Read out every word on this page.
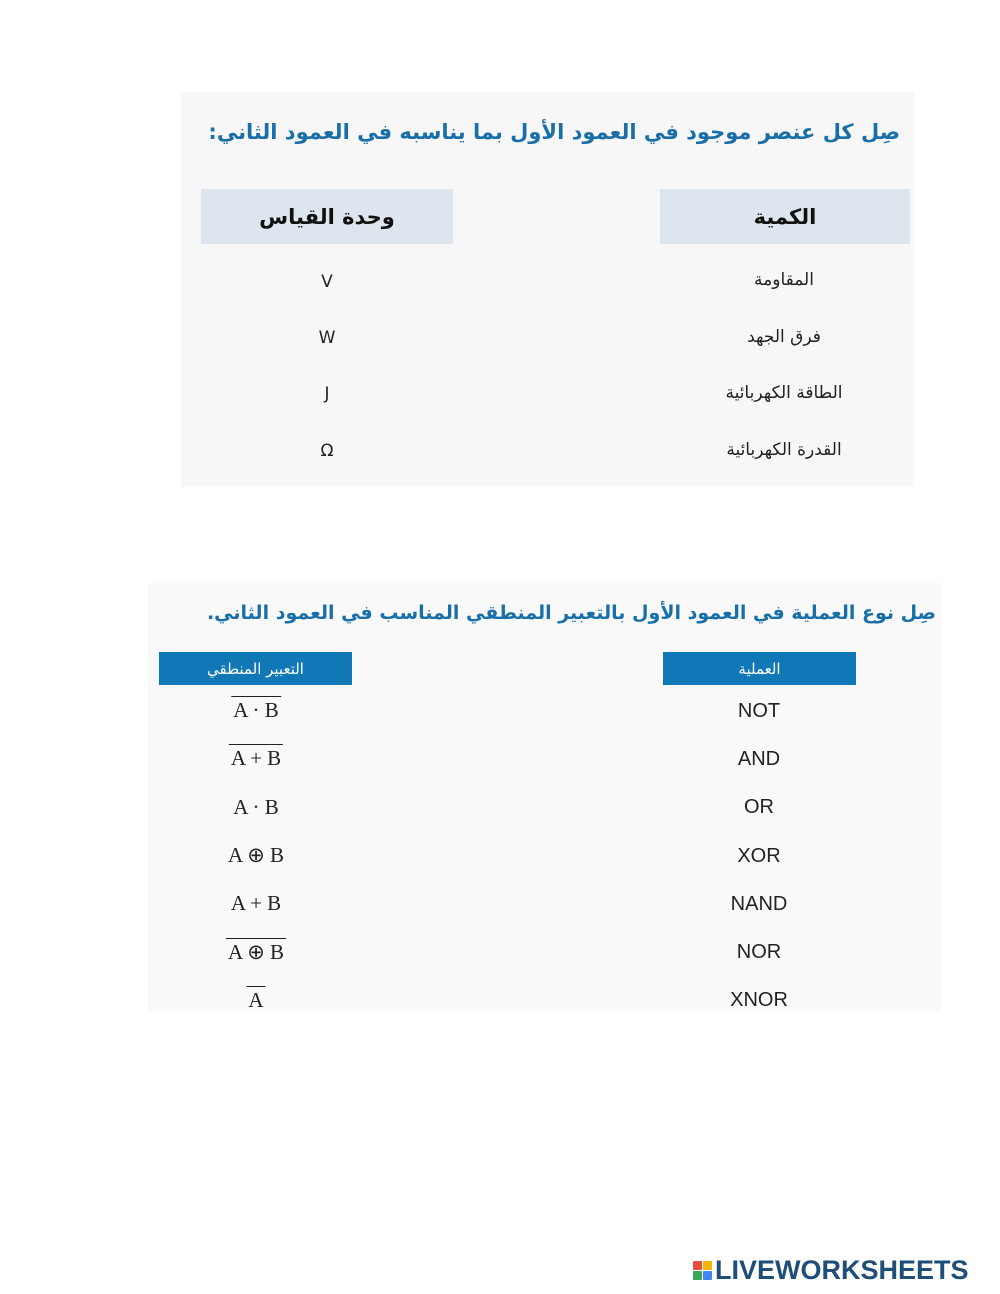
صِل كل عنصر موجود في العمود الأول بما يناسبه في العمود الثاني:
الكمية
وحدة القياس
المقاومة
فرق الجهد
الطاقة الكهربائية
القدرة الكهربائية
V
W
J
Ω
صِل نوع العملية في العمود الأول بالتعبير المنطقي المناسب في العمود الثاني.
العملية
التعبير المنطقي
NOT
AND
OR
XOR
NAND
NOR
XNOR
A · B
A + B
A · B
A ⊕ B
A + B
A ⊕ B
A
LIVEWORKSHEETS
